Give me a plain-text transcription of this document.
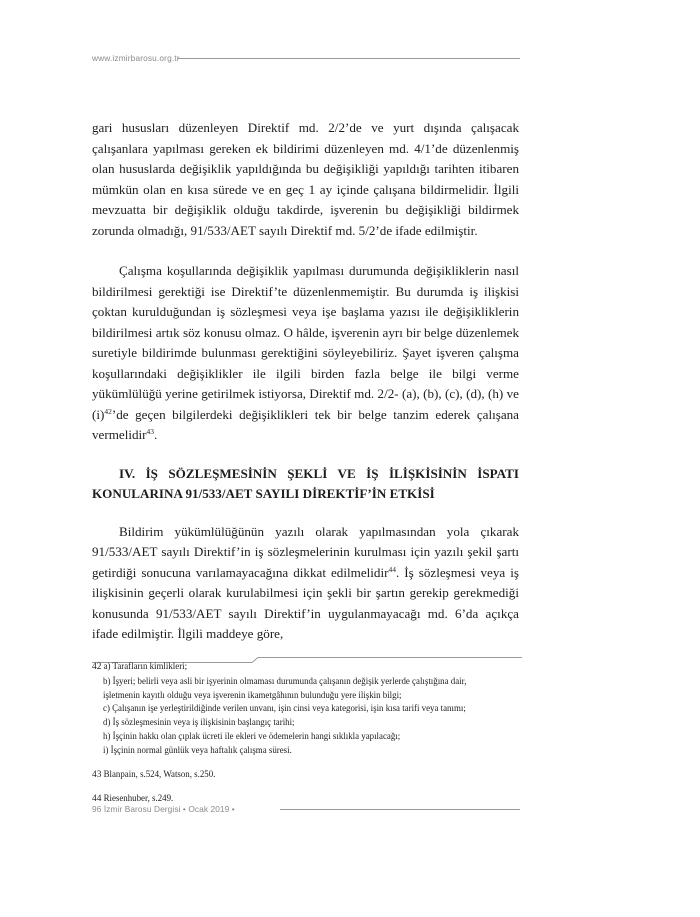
www.izmirbarosu.org.tr

gari hususları düzenleyen Direktif md. 2/2’de ve yurt dışında çalışacak çalışanlara yapılması gereken ek bildirimi düzenleyen md. 4/1’de düzenlenmiş olan hususlarda değişiklik yapıldığında bu değişikliği yapıldığı tarihten itibaren mümkün olan en kısa sürede ve en geç 1 ay içinde çalışana bildirmelidir. İlgili mevzuatta bir değişiklik olduğu takdirde, işverenin bu değişikliği bildirmek zorunda olmadığı, 91/533/AET sayılı Direktif md. 5/2’de ifade edilmiştir.

Çalışma koşullarında değişiklik yapılması durumunda değişikliklerin nasıl bildirilmesi gerektiği ise Direktif’te düzenlenmemiştir. Bu durumda iş ilişkisi çoktan kurulduğundan iş sözleşmesi veya işe başlama yazısı ile değişikliklerin bildirilmesi artık söz konusu olmaz. O hâlde, işverenin ayrı bir belge düzenlemek suretiyle bildirimde bulunması gerektiğini söyleyebiliriz. Şayet işveren çalışma koşullarındaki değişiklikler ile ilgili birden fazla belge ile bilgi verme yükümlülüğü yerine getirilmek istiyorsa, Direktif md. 2/2- (a), (b), (c), (d), (h) ve $(i)^{42}’de$ geçen bilgilerdeki değişiklikleri tek bir belge tanzim ederek çalışana vermelidir$^{43}$.

IV. İŞ SÖZLEŞMESİNİN ŞEKLİ VE İŞ İLİŞKİSİNİN İSPATI KONULARINA 91/533/AET SAYILI DİREKTİF’İN ETKİSİ

Bildirim yükümlülüğünün yazılı olarak yapılmasından yola çıkarak 91/533/AET sayılı Direktif’in iş sözleşmelerinin kurulması için yazılı şekil şartı getirdiği sonucuna varılamayacağına dikkat edilmelidir$^{44}$. İş sözleşmesi veya iş ilişkisinin geçerli olarak kurulabilmesi için şekli bir şartın gerekip gerekmediği konusunda 91/533/AET sayılı Direktif’in uygulanmayacağı md. 6’da açıkça ifade edilmiştir. İlgili maddeye göre,

42 a) Tarafların kimlikleri;
b) İşyeri; belirli veya asli bir işyerinin olmaması durumunda çalışanın değişik yerlerde çalıştığına dair,
işletmenin kayıtlı olduğu veya işverenin ikametgâhının bulunduğu yere ilişkin bilgi;
c) Çalışanın işe yerleştirildiğinde verilen unvanı, işin cinsi veya kategorisi, işin kısa tarifi veya tanımı;
d) İş sözleşmesinin veya iş ilişkisinin başlangıç tarihi;
h) İşçinin hakkı olan çıplak ücreti ile ekleri ve ödemelerin hangi sıklıkla yapılacağı;
i) İşçinin normal günlük veya haftalık çalışma süresi.
43 Blanpain, s.524, Watson, s.250.
44 Riesenhuber, s.249.
96 İzmir Barosu Dergisi • Ocak 2019 •
